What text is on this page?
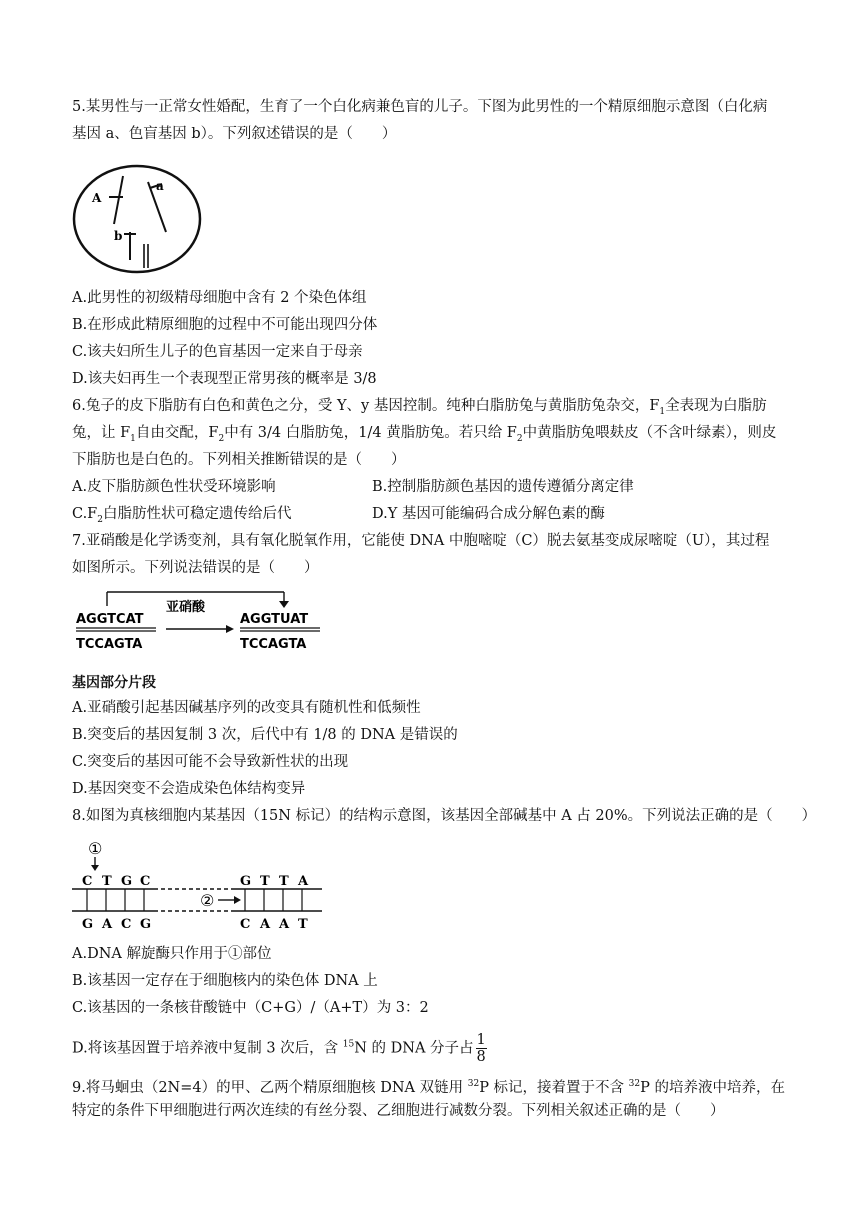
5.某男性与一正常女性婚配，生育了一个白化病兼色盲的儿子。下图为此男性的一个精原细胞示意图（白化病
基因 a、色盲基因 b）。下列叙述错误的是（　　）
A
a
b
A.此男性的初级精母细胞中含有 2 个染色体组
B.在形成此精原细胞的过程中不可能出现四分体
C.该夫妇所生儿子的色盲基因一定来自于母亲
D.该夫妇再生一个表现型正常男孩的概率是 3/8
6.兔子的皮下脂肪有白色和黄色之分，受 Y、y 基因控制。纯种白脂肪兔与黄脂肪兔杂交，$F_1$全表现为白脂肪
兔，让 $F_1$自由交配，$F_2$中有 3/4 白脂肪兔，1/4 黄脂肪兔。若只给 $F_2$中黄脂肪兔喂麸皮（不含叶绿素），则皮
下脂肪也是白色的。下列相关推断错误的是（　　）
A.皮下脂肪颜色性状受环境影响	B.控制脂肪颜色基因的遗传遵循分离定律
$C.F_2$白脂肪性状可稳定遗传给后代	D.Y 基因可能编码合成分解色素的酶
7.亚硝酸是化学诱变剂，具有氧化脱氧作用，它能使 DNA 中胞嘧啶（C）脱去氨基变成尿嘧啶（U），其过程
如图所示。下列说法错误的是（　　）
亚硝酸
AGGTCAT
TCCAGTA
AGGTUAT
TCCAGTA
基因部分片段
A.亚硝酸引起基因碱基序列的改变具有随机性和低频性
B.突变后的基因复制 3 次，后代中有 1/8 的 DNA 是错误的
C.突变后的基因可能不会导致新性状的出现
D.基因突变不会造成染色体结构变异
8.如图为真核细胞内某基因（15N 标记）的结构示意图，该基因全部碱基中 A 占 20%。下列说法正确的是（　　）
①
C T G C	G T T A
②
G A C G	C A A T
A.DNA 解旋酶只作用于①部位
B.该基因一定存在于细胞核内的染色体 DNA 上
C.该基因的一条核苷酸链中（C+G）/（A+T）为 3：2
D.将该基因置于培养液中复制 3 次后，含 $^{15}$N 的 DNA 分子占 $\frac{1}{8}$
9.将马蛔虫（2N=4）的甲、乙两个精原细胞核 DNA 双链用 $^{32}$P 标记，接着置于不含 $^{32}$P 的培养液中培养，在
特定的条件下甲细胞进行两次连续的有丝分裂、乙细胞进行减数分裂。下列相关叙述正确的是（　　）
